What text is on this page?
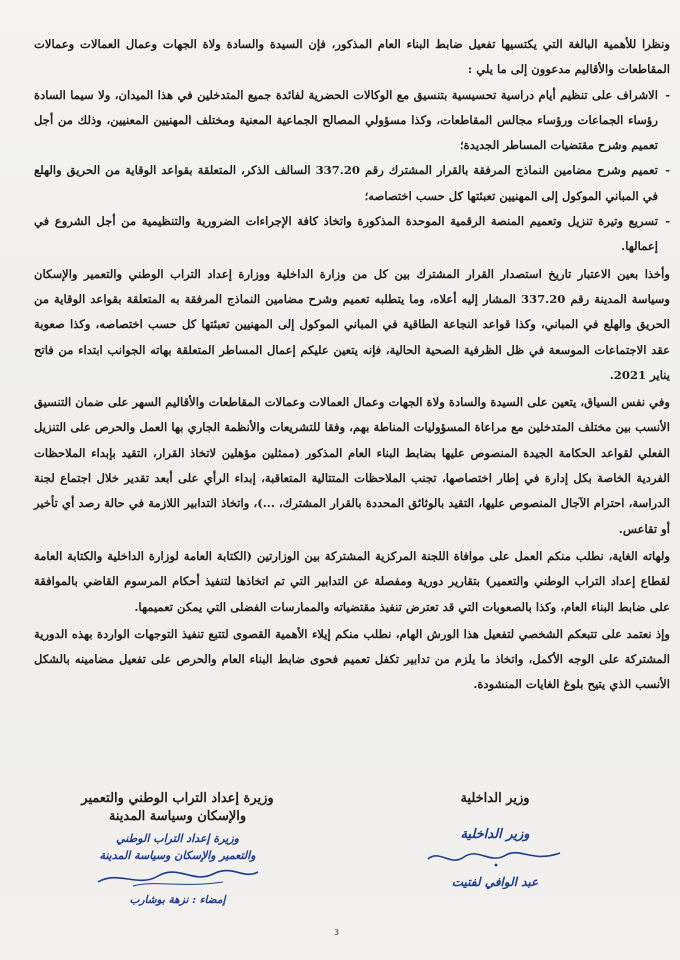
ونظرا للأهمية البالغة التي يكتسيها تفعيل ضابط البناء العام المذكور، فإن السيدة والسادة ولاة الجهات وعمال العمالات وعمالات المقاطعات والأقاليم مدعوون إلى ما يلي :

- الاشراف على تنظيم أيام دراسية تحسيسية بتنسيق مع الوكالات الحضرية لفائدة جميع المتدخلين في هذا الميدان، ولا سيما السادة رؤساء الجماعات ورؤساء مجالس المقاطعات، وكذا مسؤولي المصالح الجماعية المعنية ومختلف المهنيين المعنيين، وذلك من أجل تعميم وشرح مقتضيات المساطر الجديدة؛

- تعميم وشرح مضامين النماذج المرفقة بالقرار المشترك رقم 337.20 السالف الذكر، المتعلقة بقواعد الوقاية من الحريق والهلع في المباني الموكول إلى المهنيين تعبئتها كل حسب اختصاصه؛

- تسريع وتيرة تنزيل وتعميم المنصة الرقمية الموحدة المذكورة واتخاذ كافة الإجراءات الضرورية والتنظيمية من أجل الشروع في إعمالها.

وأخذا بعين الاعتبار تاريخ استصدار القرار المشترك بين كل من وزارة الداخلية ووزارة إعداد التراب الوطني والتعمير والإسكان وسياسة المدينة رقم 337.20 المشار إليه أعلاه، وما يتطلبه تعميم وشرح مضامين النماذج المرفقة به المتعلقة بقواعد الوقاية من الحريق والهلع في المباني، وكذا قواعد النجاعة الطاقية في المباني الموكول إلى المهنيين تعبئتها كل حسب اختصاصه، وكذا صعوبة عقد الاجتماعات الموسعة في ظل الظرفية الصحية الحالية، فإنه يتعين عليكم إعمال المساطر المتعلقة بهاته الجوانب ابتداء من فاتح يناير 2021.

وفي نفس السياق، يتعين على السيدة والسادة ولاة الجهات وعمال العمالات وعمالات المقاطعات والأقاليم السهر على ضمان التنسيق الأنسب بين مختلف المتدخلين مع مراعاة المسؤوليات المناطة بهم، وفقا للتشريعات والأنظمة الجاري بها العمل والحرص على التنزيل الفعلي لقواعد الحكامة الجيدة المنصوص عليها بضابط البناء العام المذكور (ممثلين مؤهلين لاتخاذ القرار، التقيد بإبداء الملاحظات الفردية الخاصة بكل إدارة في إطار اختصاصها، تجنب الملاحظات المتتالية المتعاقبة، إبداء الرأي على أبعد تقدير خلال اجتماع لجنة الدراسة، احترام الآجال المنصوص عليها، التقيد بالوثائق المحددة بالقرار المشترك، ...)، واتخاذ التدابير اللازمة في حالة رصد أي تأخير أو تقاعس.

ولهاته الغاية، نطلب منكم العمل على موافاة اللجنة المركزية المشتركة بين الوزارتين (الكتابة العامة لوزارة الداخلية والكتابة العامة لقطاع إعداد التراب الوطني والتعمير) بتقارير دورية ومفصلة عن التدابير التي تم اتخاذها لتنفيذ أحكام المرسوم القاضي بالموافقة على ضابط البناء العام، وكذا بالصعوبات التي قد تعترض تنفيذ مقتضياته والممارسات الفضلى التي يمكن تعميمها.

وإذ نعتمد على تتبعكم الشخصي لتفعيل هذا الورش الهام، نطلب منكم إيلاء الأهمية القصوى لتتبع تنفيذ التوجهات الواردة بهذه الدورية المشتركة على الوجه الأكمل، واتخاذ ما يلزم من تدابير تكفل تعميم فحوى ضابط البناء العام والحرص على تفعيل مضامينه بالشكل الأنسب الذي يتيح بلوغ الغايات المنشودة.

وزيرة إعداد التراب الوطني والتعمير

والإسكان وسياسة المدينة

وزيرة إعداد التراب الوطني
والتعمير والإسكان وسياسة المدينة

إمضاء : نزهة بوشارب

وزير الداخلية

وزير الداخلية

عبد الوافي لفتيت
3
